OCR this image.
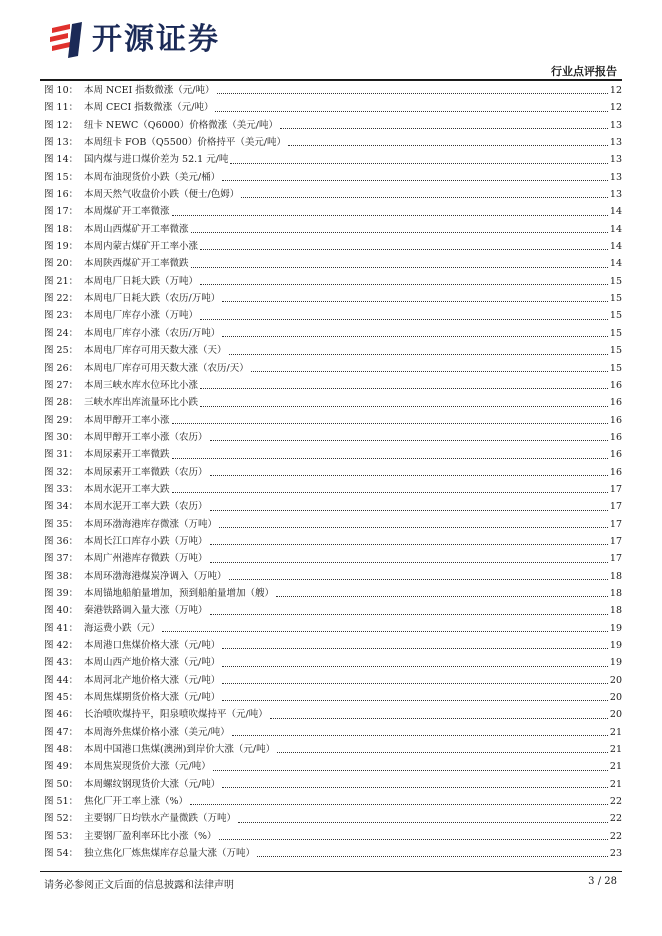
开源证券
行业点评报告
图 10： 本周 NCEI 指数微涨（元/吨）	12
图 11： 本周 CECI 指数微涨（元/吨）	12
图 12： 纽卡 NEWC（Q6000）价格微涨（美元/吨）	13
图 13： 本周纽卡 FOB（Q5500）价格持平（美元/吨）	13
图 14： 国内煤与进口煤价差为 52.1 元/吨	13
图 15： 本周布油现货价小跌（美元/桶）	13
图 16： 本周天然气收盘价小跌（便士/色姆）	13
图 17： 本周煤矿开工率微涨	14
图 18： 本周山西煤矿开工率微涨	14
图 19： 本周内蒙古煤矿开工率小涨	14
图 20： 本周陕西煤矿开工率微跌	14
图 21： 本周电厂日耗大跌（万吨）	15
图 22： 本周电厂日耗大跌（农历/万吨）	15
图 23： 本周电厂库存小涨（万吨）	15
图 24： 本周电厂库存小涨（农历/万吨）	15
图 25： 本周电厂库存可用天数大涨（天）	15
图 26： 本周电厂库存可用天数大涨（农历/天）	15
图 27： 本周三峡水库水位环比小涨	16
图 28： 三峡水库出库流量环比小跌	16
图 29： 本周甲醇开工率小涨	16
图 30： 本周甲醇开工率小涨（农历）	16
图 31： 本周尿素开工率微跌	16
图 32： 本周尿素开工率微跌（农历）	16
图 33： 本周水泥开工率大跌	17
图 34： 本周水泥开工率大跌（农历）	17
图 35： 本周环渤海港库存微涨（万吨）	17
图 36： 本周长江口库存小跌（万吨）	17
图 37： 本周广州港库存微跌（万吨）	17
图 38： 本周环渤海港煤炭净调入（万吨）	18
图 39： 本周锚地船舶量增加，预到船舶量增加（艘）	18
图 40： 秦港铁路调入量大涨（万吨）	18
图 41： 海运费小跌（元）	19
图 42： 本周港口焦煤价格大涨（元/吨）	19
图 43： 本周山西产地价格大涨（元/吨）	19
图 44： 本周河北产地价格大涨（元/吨）	20
图 45： 本周焦煤期货价格大涨（元/吨）	20
图 46： 长治喷吹煤持平，阳泉喷吹煤持平（元/吨）	20
图 47： 本周海外焦煤价格小涨（美元/吨）	21
图 48： 本周中国港口焦煤(澳洲)到岸价大涨（元/吨）	21
图 49： 本周焦炭现货价大涨（元/吨）	21
图 50： 本周螺纹钢现货价大涨（元/吨）	21
图 51： 焦化厂开工率上涨（%）	22
图 52： 主要钢厂日均铁水产量微跌（万吨）	22
图 53： 主要钢厂盈利率环比小涨（%）	22
图 54： 独立焦化厂炼焦煤库存总量大涨（万吨）	23
请务必参阅正文后面的信息披露和法律声明	3 / 28
